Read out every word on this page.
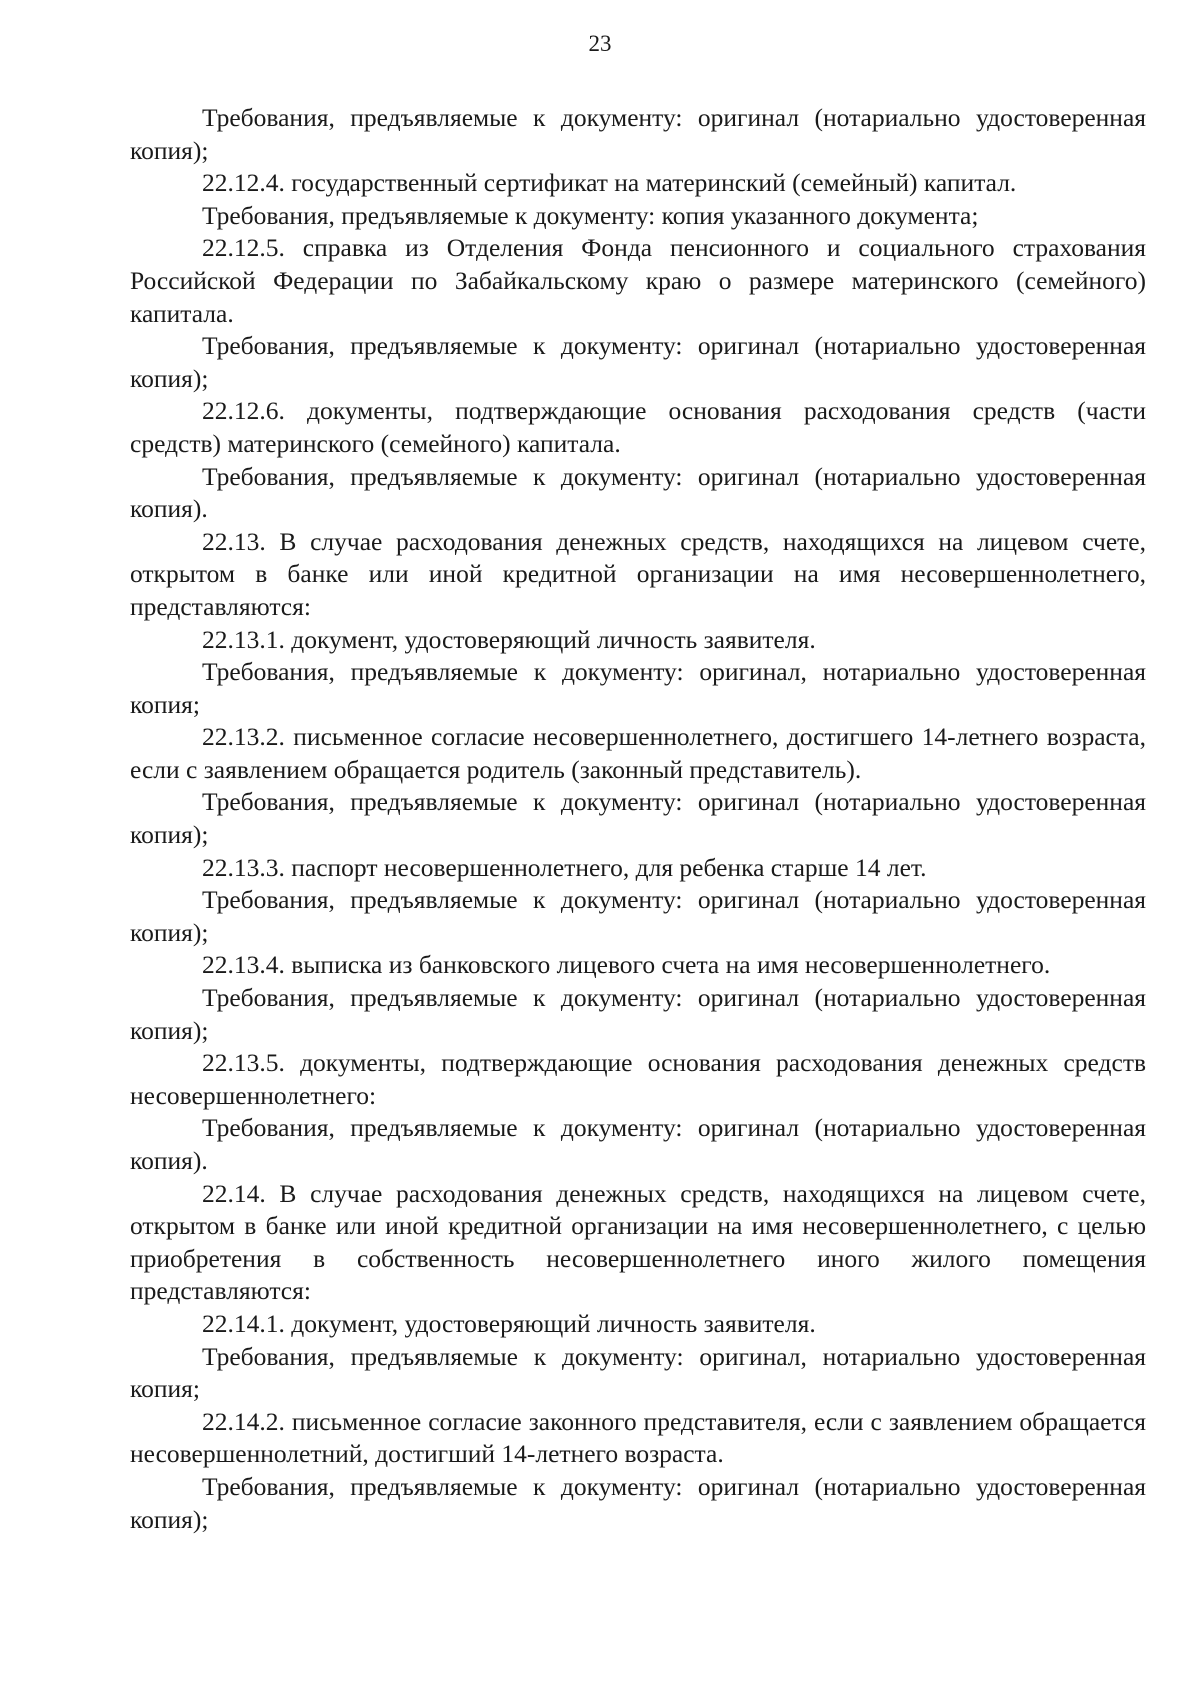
23

Требования, предъявляемые к документу: оригинал (нотариально удостоверенная копия);

22.12.4. государственный сертификат на материнский (семейный) капитал.

Требования, предъявляемые к документу: копия указанного документа;

22.12.5. справка из Отделения Фонда пенсионного и социального страхования Российской Федерации по Забайкальскому краю о размере материнского (семейного) капитала.

Требования, предъявляемые к документу: оригинал (нотариально удостоверенная копия);

22.12.6. документы, подтверждающие основания расходования средств (части средств) материнского (семейного) капитала.

Требования, предъявляемые к документу: оригинал (нотариально удостоверенная копия).

22.13. В случае расходования денежных средств, находящихся на лицевом счете, открытом в банке или иной кредитной организации на имя несовершеннолетнего, представляются:

22.13.1. документ, удостоверяющий личность заявителя.

Требования, предъявляемые к документу: оригинал, нотариально удостоверенная копия;

22.13.2. письменное согласие несовершеннолетнего, достигшего 14-летнего возраста, если с заявлением обращается родитель (законный представитель).

Требования, предъявляемые к документу: оригинал (нотариально удостоверенная копия);

22.13.3. паспорт несовершеннолетнего, для ребенка старше 14 лет.

Требования, предъявляемые к документу: оригинал (нотариально удостоверенная копия);

22.13.4. выписка из банковского лицевого счета на имя несовершеннолетнего.

Требования, предъявляемые к документу: оригинал (нотариально удостоверенная копия);

22.13.5. документы, подтверждающие основания расходования денежных средств несовершеннолетнего:

Требования, предъявляемые к документу: оригинал (нотариально удостоверенная копия).

22.14. В случае расходования денежных средств, находящихся на лицевом счете, открытом в банке или иной кредитной организации на имя несовершеннолетнего, с целью приобретения в собственность несовершеннолетнего иного жилого помещения представляются:

22.14.1. документ, удостоверяющий личность заявителя.

Требования, предъявляемые к документу: оригинал, нотариально удостоверенная копия;

22.14.2. письменное согласие законного представителя, если с заявлением обращается несовершеннолетний, достигший 14-летнего возраста.

Требования, предъявляемые к документу: оригинал (нотариально удостоверенная копия);
